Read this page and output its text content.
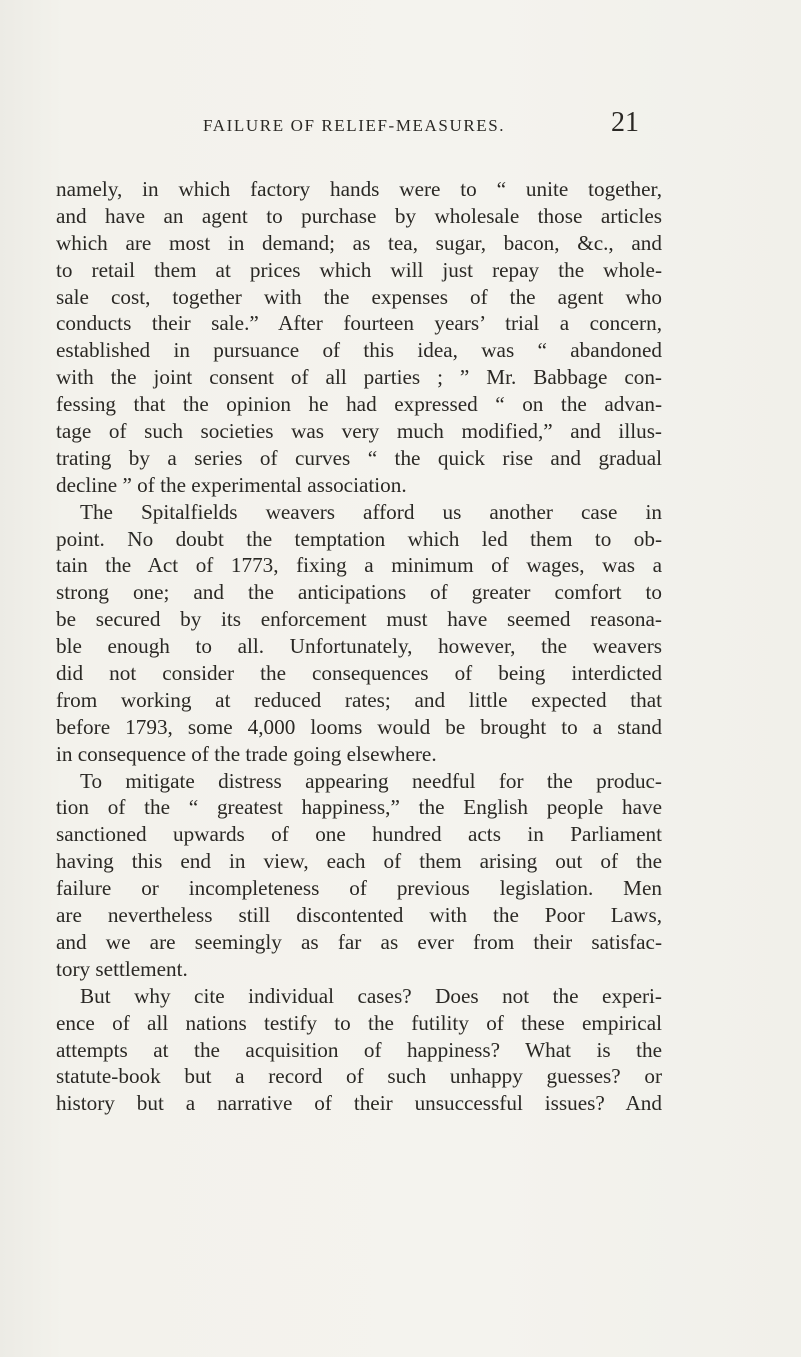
FAILURE OF RELIEF-MEASURES.	21
namely, in which factory hands were to “ unite together,
and have an agent to purchase by wholesale those articles
which are most in demand; as tea, sugar, bacon, &c., and
to retail them at prices which will just repay the whole-
sale cost, together with the expenses of the agent who
conducts their sale.” After fourteen years’ trial a concern,
established in pursuance of this idea, was “ abandoned
with the joint consent of all parties ; ” Mr. Babbage con-
fessing that the opinion he had expressed “ on the advan-
tage of such societies was very much modified,” and illus-
trating by a series of curves “ the quick rise and gradual
decline ” of the experimental association.
The Spitalfields weavers afford us another case in
point. No doubt the temptation which led them to ob-
tain the Act of 1773, fixing a minimum of wages, was a
strong one; and the anticipations of greater comfort to
be secured by its enforcement must have seemed reasona-
ble enough to all. Unfortunately, however, the weavers
did not consider the consequences of being interdicted
from working at reduced rates; and little expected that
before 1793, some 4,000 looms would be brought to a stand
in consequence of the trade going elsewhere.
To mitigate distress appearing needful for the produc-
tion of the “ greatest happiness,” the English people have
sanctioned upwards of one hundred acts in Parliament
having this end in view, each of them arising out of the
failure or incompleteness of previous legislation. Men
are nevertheless still discontented with the Poor Laws,
and we are seemingly as far as ever from their satisfac-
tory settlement.
But why cite individual cases? Does not the experi-
ence of all nations testify to the futility of these empirical
attempts at the acquisition of happiness? What is the
statute-book but a record of such unhappy guesses? or
history but a narrative of their unsuccessful issues? And
